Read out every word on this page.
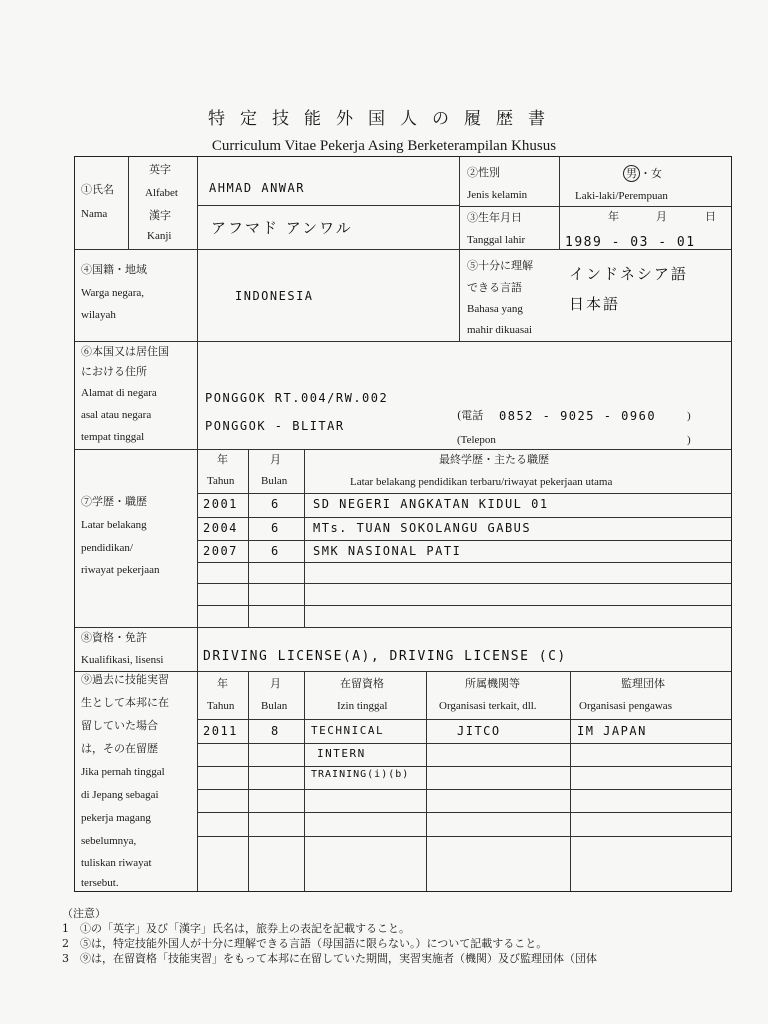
特定技能外国人の履歴書
Curriculum Vitae Pekerja Asing Berketerampilan Khusus
①氏名
Nama
英字
Alfabet
漢字
Kanji
AHMAD ANWAR
アフマド アンワル
②性別
Jenis kelamin
男 ・女
Laki-laki/Perempuan
③生年月日
Tanggal lahir
年	月	日
1989 - 03 - 01
④国籍・地域
Warga negara,
wilayah
INDONESIA
⑤十分に理解
できる言語
Bahasa yang
mahir dikuasai
インドネシア語
日本語
⑥本国又は居住国
における住所
Alamat di negara
asal atau negara
tempat tinggal
PONGGOK RT.004/RW.002
PONGGOK - BLITAR
(電話 0852 - 9025 - 0960	)
(Telepon	)
⑦学歴・職歴
Latar belakang
pendidikan/
riwayat pekerjaan
年
Tahun
月
Bulan
最終学歴・主たる職歴
Latar belakang pendidikan terbaru/riwayat pekerjaan utama
2001	6	SD NEGERI ANGKATAN KIDUL 01
2004	6	MTs. TUAN SOKOLANGU GABUS
2007	6	SMK NASIONAL PATI
⑧資格・免許
Kualifikasi, lisensi	DRIVING LICENSE(A), DRIVING LICENSE (C)
⑨過去に技能実習
生として本邦に在
留していた場合
は，その在留歴
Jika pernah tinggal
di Jepang sebagai
pekerja magang
sebelumnya,
tuliskan riwayat
tersebut.
年
Tahun
月
Bulan
在留資格
Izin tinggal
所属機関等
Organisasi terkait, dll.
監理団体
Organisasi pengawas
2011	8	TECHNICAL	JITCO	IM JAPAN
INTERN
TRAINING(i)(b)
（注意）
1　①の「英字」及び「漢字」氏名は，旅券上の表記を記載すること。
2　⑤は，特定技能外国人が十分に理解できる言語（母国語に限らない。）について記載すること。
3　⑨は，在留資格「技能実習」をもって本邦に在留していた期間，実習実施者（機関）及び監理団体（団体
